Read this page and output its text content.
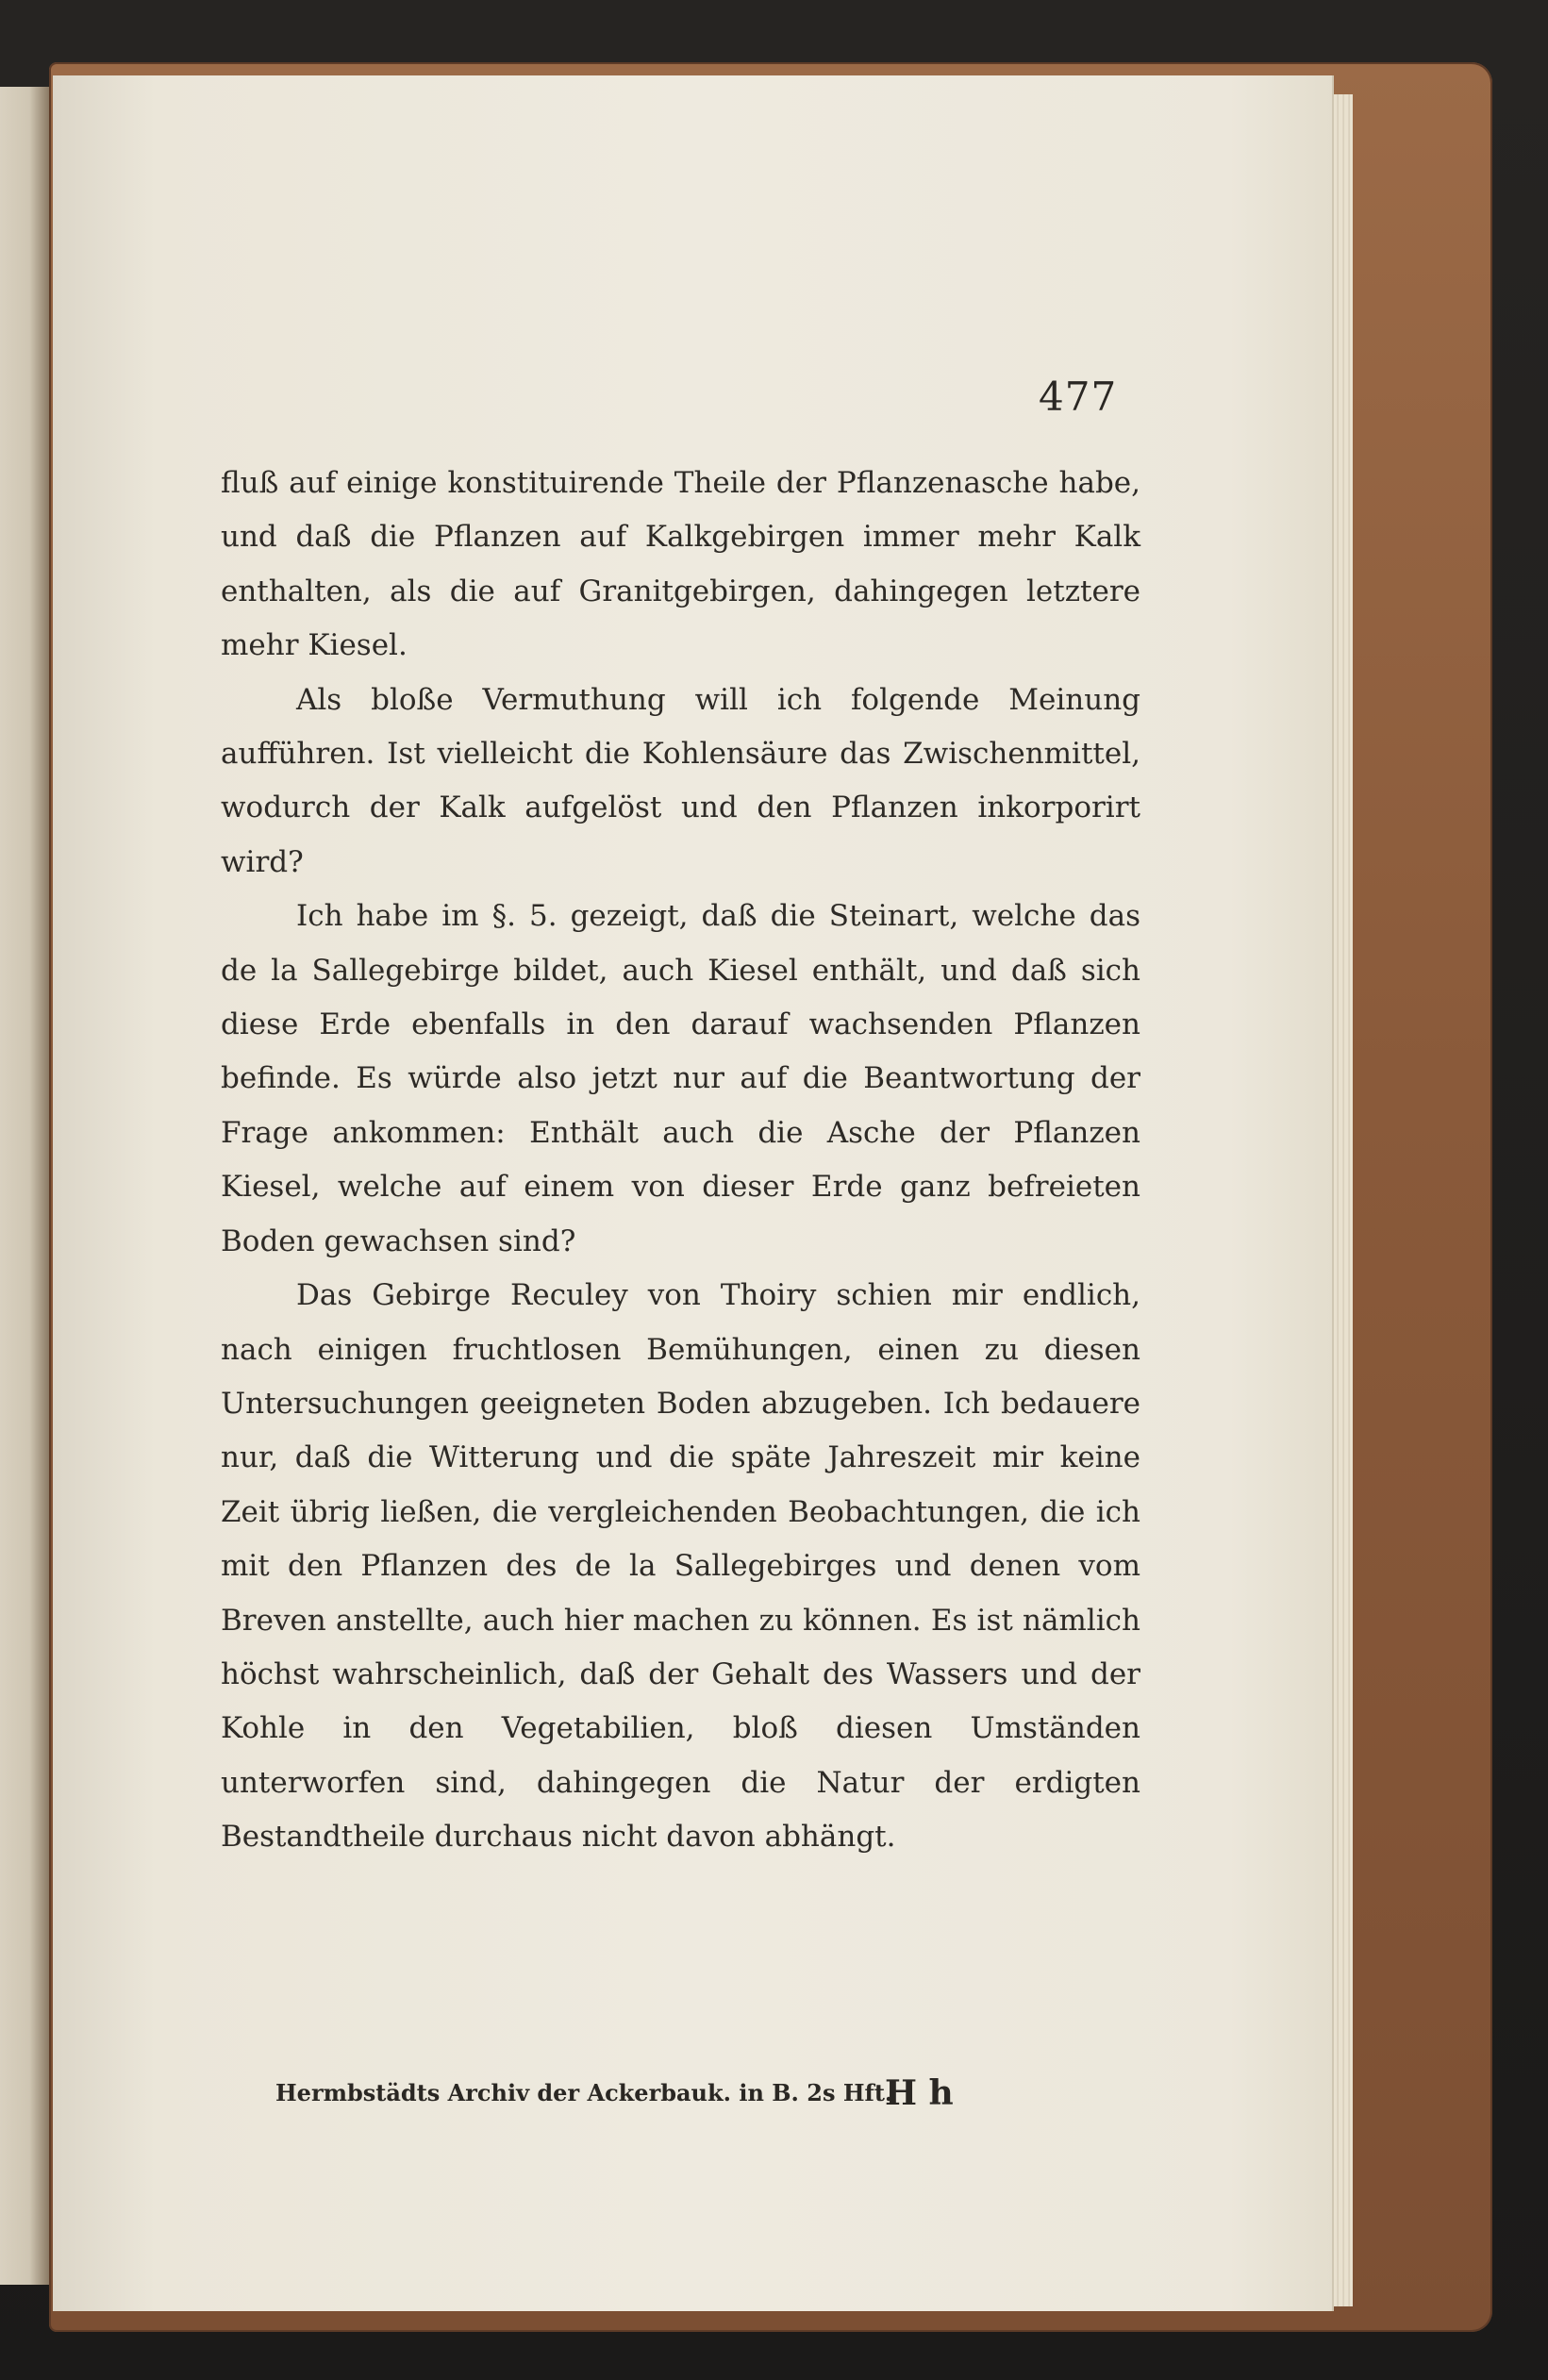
477

fluß auf einige konstituirende Theile der Pflanzenasche habe, und daß die Pflanzen auf Kalkgebirgen immer mehr Kalk enthalten, als die auf Granitgebirgen, dahingegen letztere mehr Kiesel.

Als bloße Vermuthung will ich folgende Meinung aufführen. Ist vielleicht die Kohlensäure das Zwischenmittel, wodurch der Kalk aufgelöst und den Pflanzen inkorporirt wird?

Ich habe im §. 5. gezeigt, daß die Steinart, welche das de la Sallegebirge bildet, auch Kiesel enthält, und daß sich diese Erde ebenfalls in den darauf wachsenden Pflanzen befinde. Es würde also jetzt nur auf die Beantwortung der Frage ankommen: Enthält auch die Asche der Pflanzen Kiesel, welche auf einem von dieser Erde ganz befreieten Boden gewachsen sind?

Das Gebirge Reculey von Thoiry schien mir endlich, nach einigen fruchtlosen Bemühungen, einen zu diesen Untersuchungen geeigneten Boden abzugeben. Ich bedauere nur, daß die Witterung und die späte Jahreszeit mir keine Zeit übrig ließen, die vergleichenden Beobachtungen, die ich mit den Pflanzen des de la Sallegebirges und denen vom Breven anstellte, auch hier machen zu können. Es ist nämlich höchst wahrscheinlich, daß der Gehalt des Wassers und der Kohle in den Vegetabilien, bloß diesen Umständen unterworfen sind, dahingegen die Natur der erdigten Bestandtheile durchaus nicht davon abhängt.

Hermbstädts Archiv der Ackerbauk. in B. 2s Hft.
H h
